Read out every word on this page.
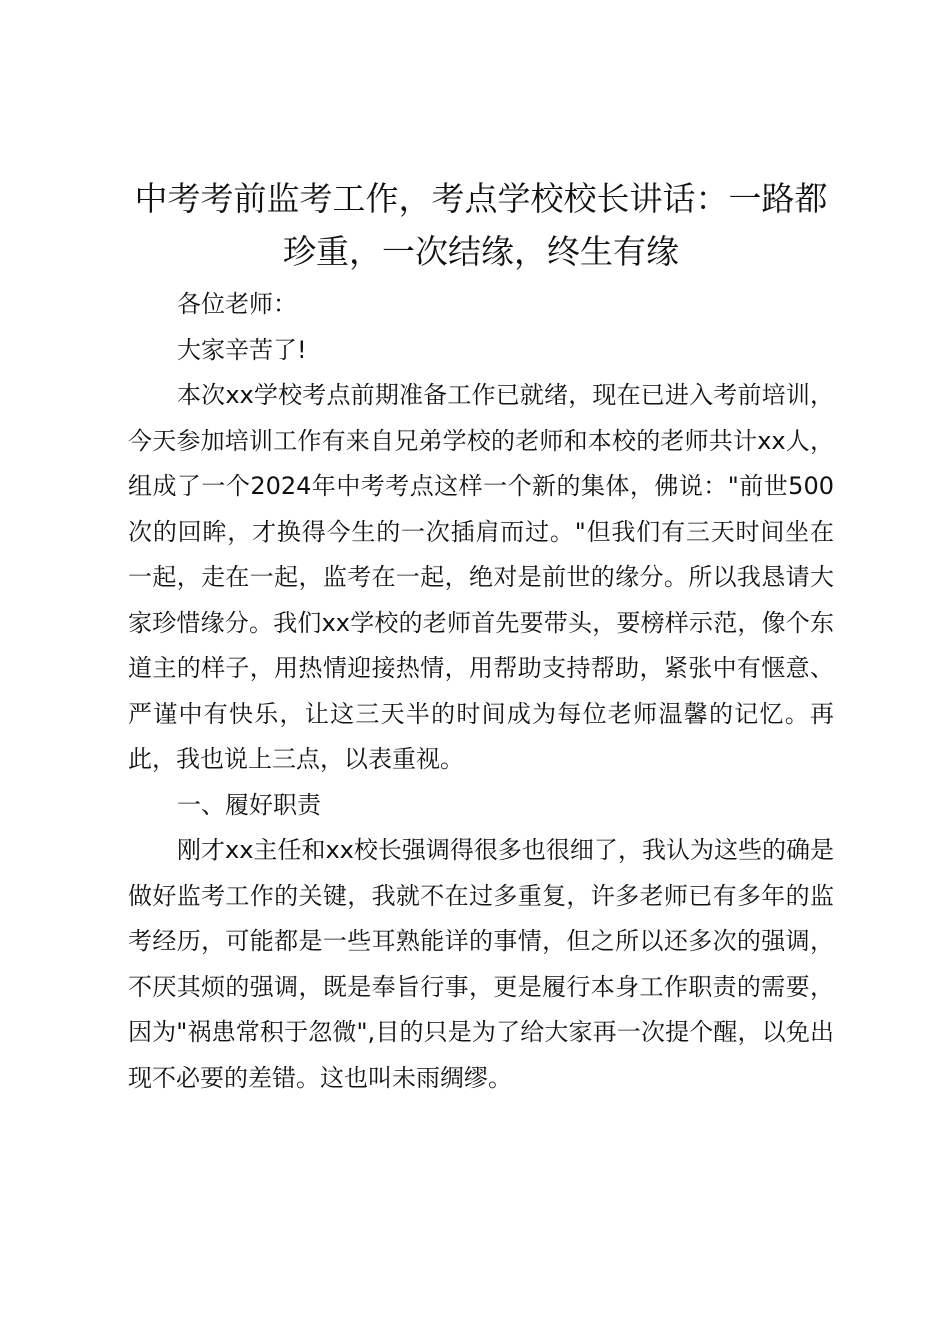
中考考前监考工作，考点学校校长讲话：一路都珍重，一次结缘，终生有缘

各位老师：

大家辛苦了!

本次xx学校考点前期准备工作已就绪，现在已进入考前培训，今天参加培训工作有来自兄弟学校的老师和本校的老师共计xx人，组成了一个2024年中考考点这样一个新的集体，佛说："前世500次的回眸，才换得今生的一次插肩而过。"但我们有三天时间坐在一起，走在一起，监考在一起，绝对是前世的缘分。所以我恳请大家珍惜缘分。我们xx学校的老师首先要带头，要榜样示范，像个东道主的样子，用热情迎接热情，用帮助支持帮助，紧张中有惬意、严谨中有快乐，让这三天半的时间成为每位老师温馨的记忆。再此，我也说上三点，以表重视。

一、履好职责

刚才xx主任和xx校长强调得很多也很细了，我认为这些的确是做好监考工作的关键，我就不在过多重复，许多老师已有多年的监考经历，可能都是一些耳熟能详的事情，但之所以还多次的强调，不厌其烦的强调，既是奉旨行事，更是履行本身工作职责的需要，因为"祸患常积于忽微",目的只是为了给大家再一次提个醒，以免出现不必要的差错。这也叫未雨绸缪。
